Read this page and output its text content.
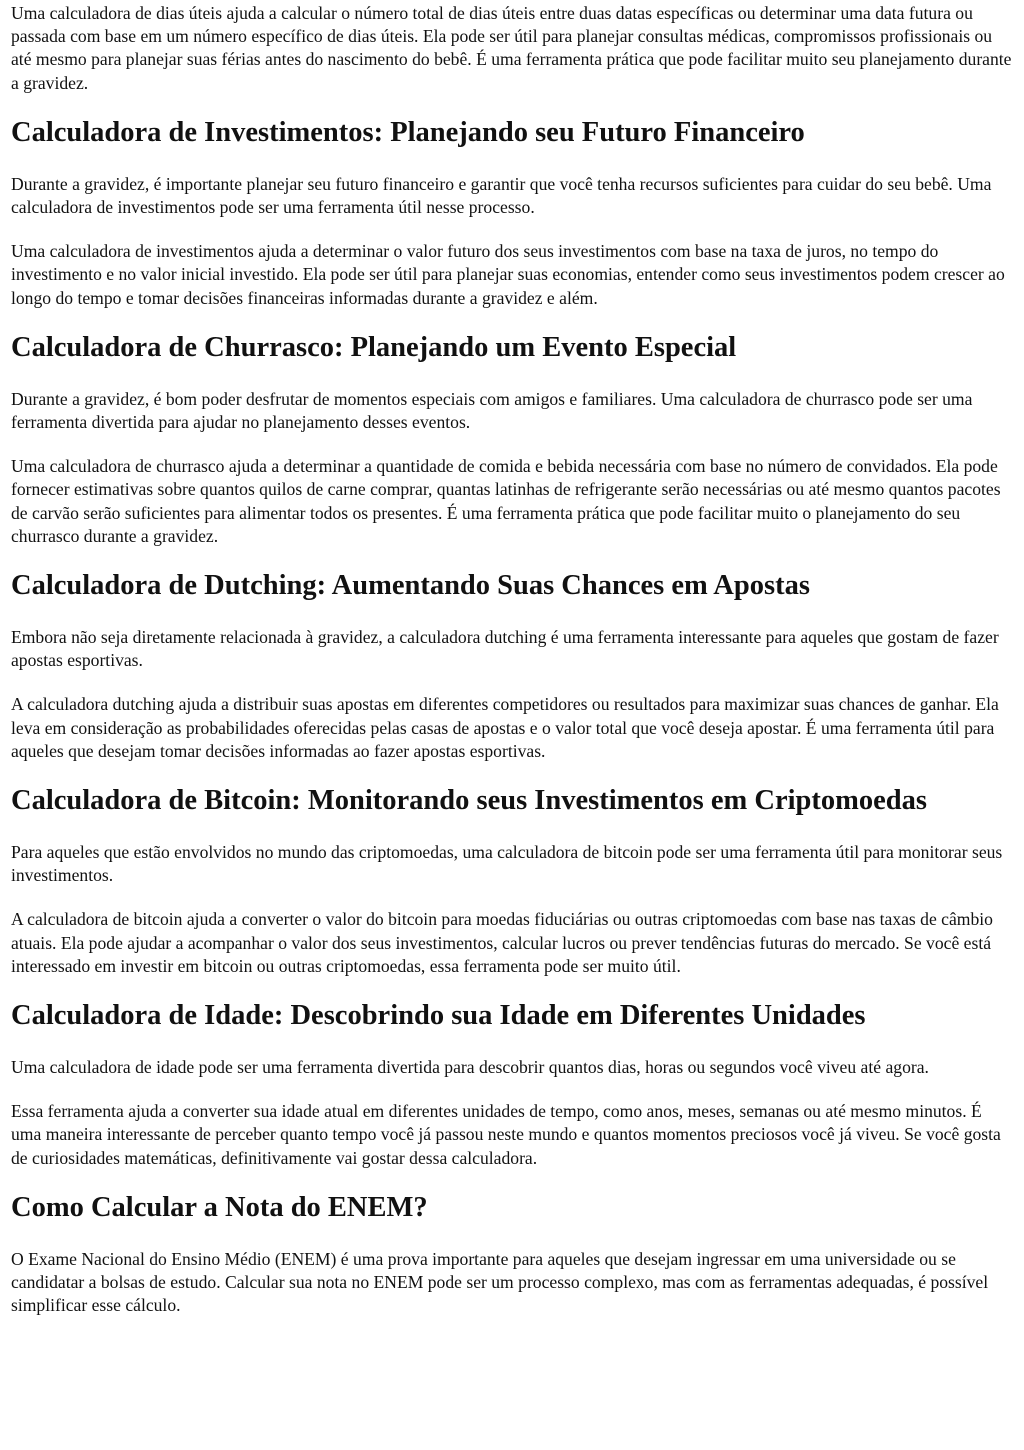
Uma calculadora de dias úteis ajuda a calcular o número total de dias úteis entre duas datas específicas ou determinar uma data futura ou passada com base em um número específico de dias úteis. Ela pode ser útil para planejar consultas médicas, compromissos profissionais ou até mesmo para planejar suas férias antes do nascimento do bebê. É uma ferramenta prática que pode facilitar muito seu planejamento durante a gravidez.

Calculadora de Investimentos: Planejando seu Futuro Financeiro

Durante a gravidez, é importante planejar seu futuro financeiro e garantir que você tenha recursos suficientes para cuidar do seu bebê. Uma calculadora de investimentos pode ser uma ferramenta útil nesse processo.

Uma calculadora de investimentos ajuda a determinar o valor futuro dos seus investimentos com base na taxa de juros, no tempo do investimento e no valor inicial investido. Ela pode ser útil para planejar suas economias, entender como seus investimentos podem crescer ao longo do tempo e tomar decisões financeiras informadas durante a gravidez e além.

Calculadora de Churrasco: Planejando um Evento Especial

Durante a gravidez, é bom poder desfrutar de momentos especiais com amigos e familiares. Uma calculadora de churrasco pode ser uma ferramenta divertida para ajudar no planejamento desses eventos.

Uma calculadora de churrasco ajuda a determinar a quantidade de comida e bebida necessária com base no número de convidados. Ela pode fornecer estimativas sobre quantos quilos de carne comprar, quantas latinhas de refrigerante serão necessárias ou até mesmo quantos pacotes de carvão serão suficientes para alimentar todos os presentes. É uma ferramenta prática que pode facilitar muito o planejamento do seu churrasco durante a gravidez.

Calculadora de Dutching: Aumentando Suas Chances em Apostas

Embora não seja diretamente relacionada à gravidez, a calculadora dutching é uma ferramenta interessante para aqueles que gostam de fazer apostas esportivas.

A calculadora dutching ajuda a distribuir suas apostas em diferentes competidores ou resultados para maximizar suas chances de ganhar. Ela leva em consideração as probabilidades oferecidas pelas casas de apostas e o valor total que você deseja apostar. É uma ferramenta útil para aqueles que desejam tomar decisões informadas ao fazer apostas esportivas.

Calculadora de Bitcoin: Monitorando seus Investimentos em Criptomoedas

Para aqueles que estão envolvidos no mundo das criptomoedas, uma calculadora de bitcoin pode ser uma ferramenta útil para monitorar seus investimentos.

A calculadora de bitcoin ajuda a converter o valor do bitcoin para moedas fiduciárias ou outras criptomoedas com base nas taxas de câmbio atuais. Ela pode ajudar a acompanhar o valor dos seus investimentos, calcular lucros ou prever tendências futuras do mercado. Se você está interessado em investir em bitcoin ou outras criptomoedas, essa ferramenta pode ser muito útil.

Calculadora de Idade: Descobrindo sua Idade em Diferentes Unidades

Uma calculadora de idade pode ser uma ferramenta divertida para descobrir quantos dias, horas ou segundos você viveu até agora.

Essa ferramenta ajuda a converter sua idade atual em diferentes unidades de tempo, como anos, meses, semanas ou até mesmo minutos. É uma maneira interessante de perceber quanto tempo você já passou neste mundo e quantos momentos preciosos você já viveu. Se você gosta de curiosidades matemáticas, definitivamente vai gostar dessa calculadora.

Como Calcular a Nota do ENEM?

O Exame Nacional do Ensino Médio (ENEM) é uma prova importante para aqueles que desejam ingressar em uma universidade ou se candidatar a bolsas de estudo. Calcular sua nota no ENEM pode ser um processo complexo, mas com as ferramentas adequadas, é possível simplificar esse cálculo.
